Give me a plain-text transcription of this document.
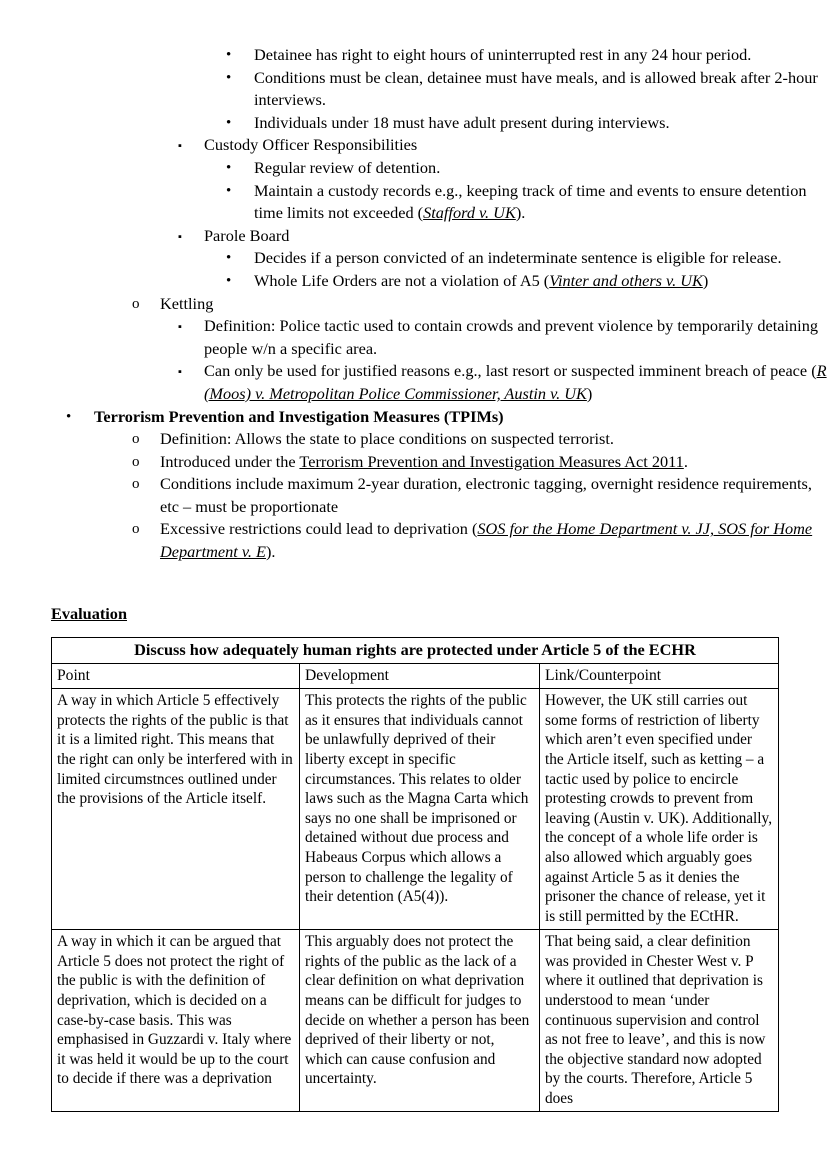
•	Detainee has right to eight hours of uninterrupted rest in any 24 hour period.
•	Conditions must be clean, detainee must have meals, and is allowed break after 2-hour interviews.
•	Individuals under 18 must have adult present during interviews.
▪	Custody Officer Responsibilities
•	Regular review of detention.
•	Maintain a custody records e.g., keeping track of time and events to ensure detention time limits not exceeded (Stafford v. UK).
▪	Parole Board
•	Decides if a person convicted of an indeterminate sentence is eligible for release.
•	Whole Life Orders are not a violation of A5 (Vinter and others v. UK)
o	Kettling
▪	Definition: Police tactic used to contain crowds and prevent violence by temporarily detaining people w/n a specific area.
▪	Can only be used for justified reasons e.g., last resort or suspected imminent breach of peace (R (Moos) v. Metropolitan Police Commissioner, Austin v. UK)
•	Terrorism Prevention and Investigation Measures (TPIMs)
o	Definition: Allows the state to place conditions on suspected terrorist.
o	Introduced under the Terrorism Prevention and Investigation Measures Act 2011.
o	Conditions include maximum 2-year duration, electronic tagging, overnight residence requirements, etc – must be proportionate
o	Excessive restrictions could lead to deprivation (SOS for the Home Department v. JJ, SOS for Home Department v. E).
Evaluation
Discuss how adequately human rights are protected under Article 5 of the ECHR		
Point	Development	Link/Counterpoint
A way in which Article 5 effectively protects the rights of the public is that it is a limited right. This means that the right can only be interfered with in limited circumstnces outlined under the provisions of the Article itself.	This protects the rights of the public as it ensures that individuals cannot be unlawfully deprived of their liberty except in specific circumstances. This relates to older laws such as the Magna Carta which says no one shall be imprisoned or detained without due process and Habeaus Corpus which allows a person to challenge the legality of their detention (A5(4)).	However, the UK still carries out some forms of restriction of liberty which aren’t even specified under the Article itself, such as ketting – a tactic used by police to encircle protesting crowds to prevent from leaving (Austin v. UK). Additionally, the concept of a whole life order is also allowed which arguably goes against Article 5 as it denies the prisoner the chance of release, yet it is still permitted by the ECtHR.
A way in which it can be argued that Article 5 does not protect the right of the public is with the definition of deprivation, which is decided on a case-by-case basis. This was emphasised in Guzzardi v. Italy where it was held it would be up to the court to decide if there was a deprivation	This arguably does not protect the rights of the public as the lack of a clear definition on what deprivation means can be difficult for judges to decide on whether a person has been deprived of their liberty or not, which can cause confusion and uncertainty.	That being said, a clear definition was provided in Chester West v. P where it outlined that deprivation is understood to mean ‘under continuous supervision and control as not free to leave’, and this is now the objective standard now adopted by the courts. Therefore, Article 5 does
